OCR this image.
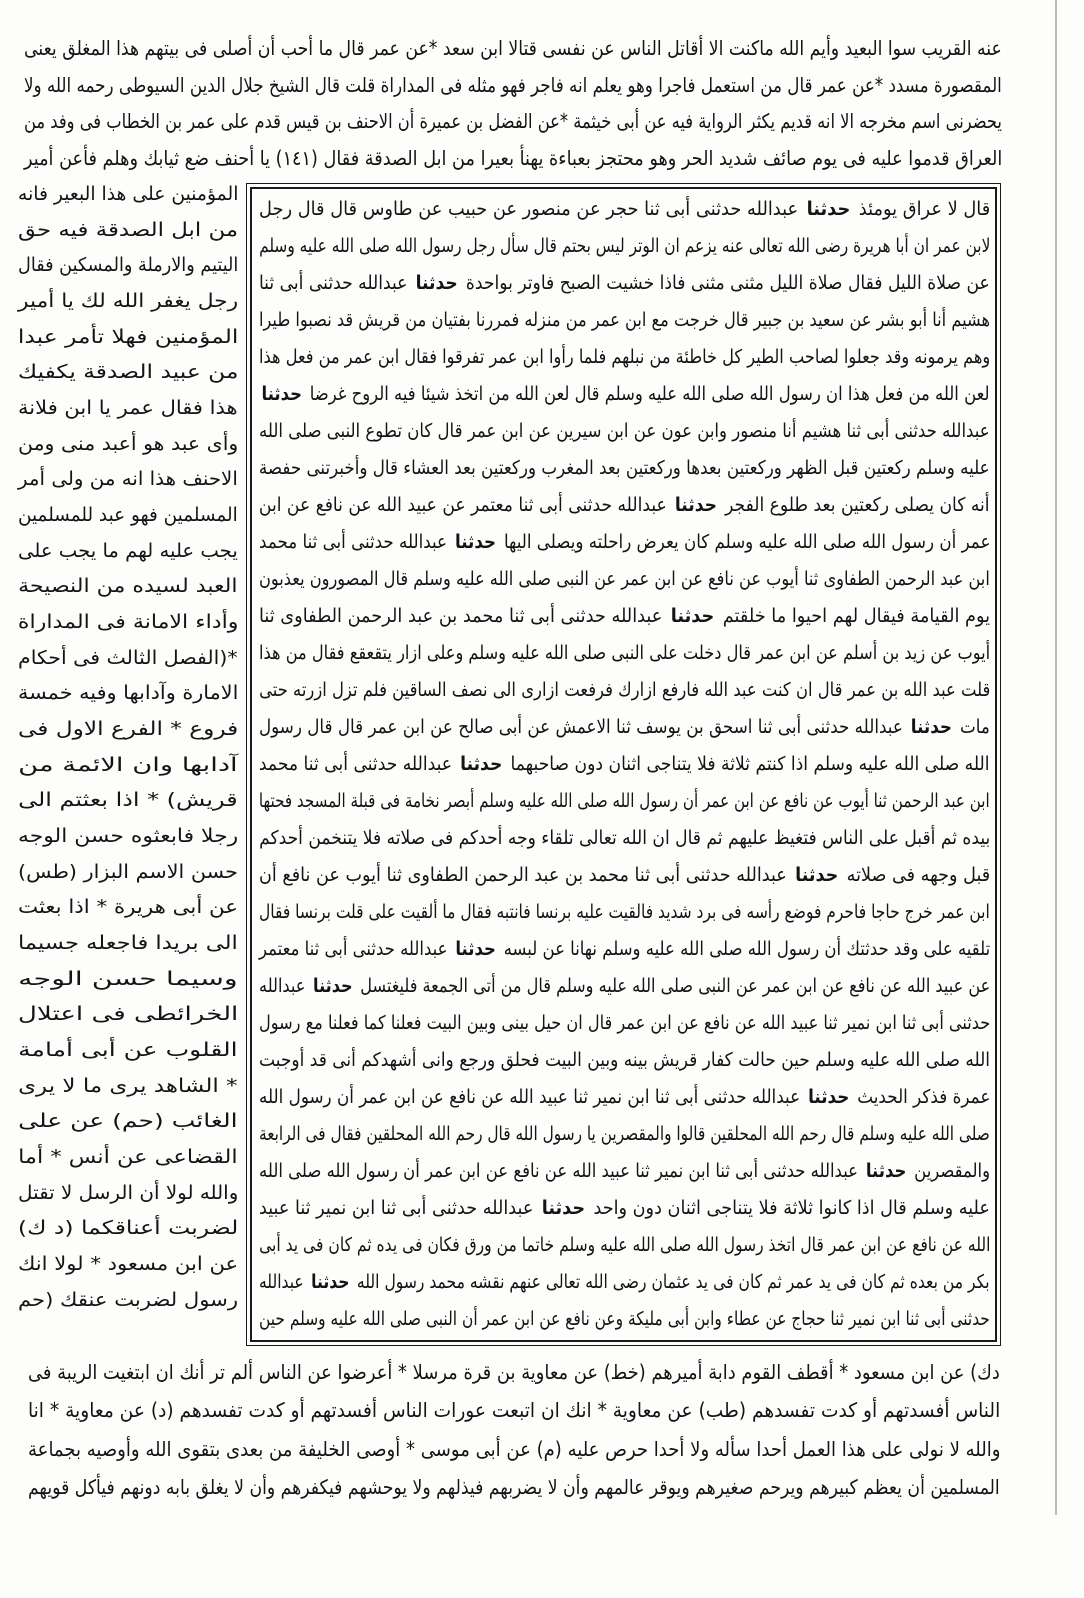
عنه القريب سوا البعيد وأيم الله ماكنت الا أقاتل الناس عن نفسى قتالا ابن سعد *عن عمر قال ما أحب أن أصلى فى بيتهم هذا المغلق يعنى
المقصورة مسدد *عن عمر قال من استعمل فاجرا وهو يعلم انه فاجر فهو مثله فى المداراة قلت قال الشيخ جلال الدين السيوطى رحمه الله ولا
يحضرنى اسم مخرجه الا انه قديم يكثر الرواية فيه عن أبى خيثمة *عن الفضل بن عميرة أن الاحنف بن قيس قدم على عمر بن الخطاب فى وفد من
العراق قدموا عليه فى يوم صائف شديد الحر وهو محتجز بعباءة يهنأ بعيرا من ابل الصدقة فقال (١٤١) يا أحنف ضع ثيابك وهلم فأعن أمير
المؤمنين على هذا البعير فانه
من ابل الصدقة فيه حق
اليتيم والارملة والمسكين فقال
رجل يغفر الله لك يا أمير
المؤمنين فهلا تأمر عبدا
من عبيد الصدقة يكفيك
هذا فقال عمر يا ابن فلانة
وأى عبد هو أعبد منى ومن
الاحنف هذا انه من ولى أمر
المسلمين فهو عبد للمسلمين
يجب عليه لهم ما يجب على
العبد لسيده من النصيحة
وأداء الامانة فى المداراة
*(الفصل الثالث فى أحكام
الامارة وآدابها وفيه خمسة
فروع * الفرع الاول فى
آدابها وان الائمة من
قريش) * اذا بعثتم الى
رجلا فابعثوه حسن الوجه
حسن الاسم البزار (طس)
عن أبى هريرة * اذا بعثت
الى بريدا فاجعله جسيما
وسيما حسن الوجه
الخرائطى فى اعتلال
القلوب عن أبى أمامة
* الشاهد يرى ما لا يرى
الغائب (حم) عن على
القضاعى عن أنس * أما
والله لولا أن الرسل لا تقتل
لضربت أعناقكما (د ك)
عن ابن مسعود * لولا انك
رسول لضربت عنقك (حم
قال لا عراق يومئذ حدثنا عبدالله حدثنى أبى ثنا حجر عن منصور عن حبيب عن طاوس قال قال رجل
لابن عمر ان أبا هريرة رضى الله تعالى عنه يزعم ان الوتر ليس بحتم قال سأل رجل رسول الله صلى الله عليه وسلم
عن صلاة الليل فقال صلاة الليل مثنى مثنى فاذا خشيت الصبح فاوتر بواحدة حدثنا عبدالله حدثنى أبى ثنا
هشيم أنا أبو بشر عن سعيد بن جبير قال خرجت مع ابن عمر من منزله فمررنا بفتيان من قريش قد نصبوا طيرا
وهم يرمونه وقد جعلوا لصاحب الطير كل خاطئة من نبلهم فلما رأوا ابن عمر تفرقوا فقال ابن عمر من فعل هذا
لعن الله من فعل هذا ان رسول الله صلى الله عليه وسلم قال لعن الله من اتخذ شيئا فيه الروح غرضا حدثنا
عبدالله حدثنى أبى ثنا هشيم أنا منصور وابن عون عن ابن سيرين عن ابن عمر قال كان تطوع النبى صلى الله
عليه وسلم ركعتين قبل الظهر وركعتين بعدها وركعتين بعد المغرب وركعتين بعد العشاء قال وأخبرتنى حفصة
أنه كان يصلى ركعتين بعد طلوع الفجر حدثنا عبدالله حدثنى أبى ثنا معتمر عن عبيد الله عن نافع عن ابن
عمر أن رسول الله صلى الله عليه وسلم كان يعرض راحلته ويصلى اليها حدثنا عبدالله حدثنى أبى ثنا محمد
ابن عبد الرحمن الطفاوى ثنا أيوب عن نافع عن ابن عمر عن النبى صلى الله عليه وسلم قال المصورون يعذبون
يوم القيامة فيقال لهم احيوا ما خلقتم حدثنا عبدالله حدثنى أبى ثنا محمد بن عبد الرحمن الطفاوى ثنا
أيوب عن زيد بن أسلم عن ابن عمر قال دخلت على النبى صلى الله عليه وسلم وعلى ازار يتقعقع فقال من هذا
قلت عبد الله بن عمر قال ان كنت عبد الله فارفع ازارك فرفعت ازارى الى نصف الساقين فلم تزل ازرته حتى
مات حدثنا عبدالله حدثنى أبى ثنا اسحق بن يوسف ثنا الاعمش عن أبى صالح عن ابن عمر قال قال رسول
الله صلى الله عليه وسلم اذا كنتم ثلاثة فلا يتناجى اثنان دون صاحبهما حدثنا عبدالله حدثنى أبى ثنا محمد
ابن عبد الرحمن ثنا أيوب عن نافع عن ابن عمر أن رسول الله صلى الله عليه وسلم أبصر نخامة فى قبلة المسجد فحتها
بيده ثم أقبل على الناس فتغيظ عليهم ثم قال ان الله تعالى تلقاء وجه أحدكم فى صلاته فلا يتنخمن أحدكم
قبل وجهه فى صلاته حدثنا عبدالله حدثنى أبى ثنا محمد بن عبد الرحمن الطفاوى ثنا أيوب عن نافع أن
ابن عمر خرج حاجا فاحرم فوضع رأسه فى برد شديد فالقيت عليه برنسا فانتبه فقال ما ألقيت على قلت برنسا فقال
تلقيه على وقد حدثتك أن رسول الله صلى الله عليه وسلم نهانا عن لبسه حدثنا عبدالله حدثنى أبى ثنا معتمر
عن عبيد الله عن نافع عن ابن عمر عن النبى صلى الله عليه وسلم قال من أتى الجمعة فليغتسل حدثنا عبدالله
حدثنى أبى ثنا ابن نمير ثنا عبيد الله عن نافع عن ابن عمر قال ان حيل بينى وبين البيت فعلنا كما فعلنا مع رسول
الله صلى الله عليه وسلم حين حالت كفار قريش بينه وبين البيت فحلق ورجع وانى أشهدكم أنى قد أوجبت
عمرة فذكر الحديث حدثنا عبدالله حدثنى أبى ثنا ابن نمير ثنا عبيد الله عن نافع عن ابن عمر أن رسول الله
صلى الله عليه وسلم قال رحم الله المحلقين قالوا والمقصرين يا رسول الله قال رحم الله المحلقين فقال فى الرابعة
والمقصرين حدثنا عبدالله حدثنى أبى ثنا ابن نمير ثنا عبيد الله عن نافع عن ابن عمر أن رسول الله صلى الله
عليه وسلم قال اذا كانوا ثلاثة فلا يتناجى اثنان دون واحد حدثنا عبدالله حدثنى أبى ثنا ابن نمير ثنا عبيد
الله عن نافع عن ابن عمر قال اتخذ رسول الله صلى الله عليه وسلم خاتما من ورق فكان فى يده ثم كان فى يد أبى
بكر من بعده ثم كان فى يد عمر ثم كان فى يد عثمان رضى الله تعالى عنهم نقشه محمد رسول الله حدثنا عبدالله
حدثنى أبى ثنا ابن نمير ثنا حجاج عن عطاء وابن أبى مليكة وعن نافع عن ابن عمر أن النبى صلى الله عليه وسلم حين
دك) عن ابن مسعود * أقطف القوم دابة أميرهم (خط) عن معاوية بن قرة مرسلا * أعرضوا عن الناس ألم تر أنك ان ابتغيت الريبة فى
الناس أفسدتهم أو كدت تفسدهم (طب) عن معاوية * انك ان اتبعت عورات الناس أفسدتهم أو كدت تفسدهم (د) عن معاوية * انا
والله لا نولى على هذا العمل أحدا سأله ولا أحدا حرص عليه (م) عن أبى موسى * أوصى الخليفة من بعدى بتقوى الله وأوصيه بجماعة
المسلمين أن يعظم كبيرهم ويرحم صغيرهم ويوقر عالمهم وأن لا يضربهم فيذلهم ولا يوحشهم فيكفرهم وأن لا يغلق بابه دونهم فيأكل قويهم
